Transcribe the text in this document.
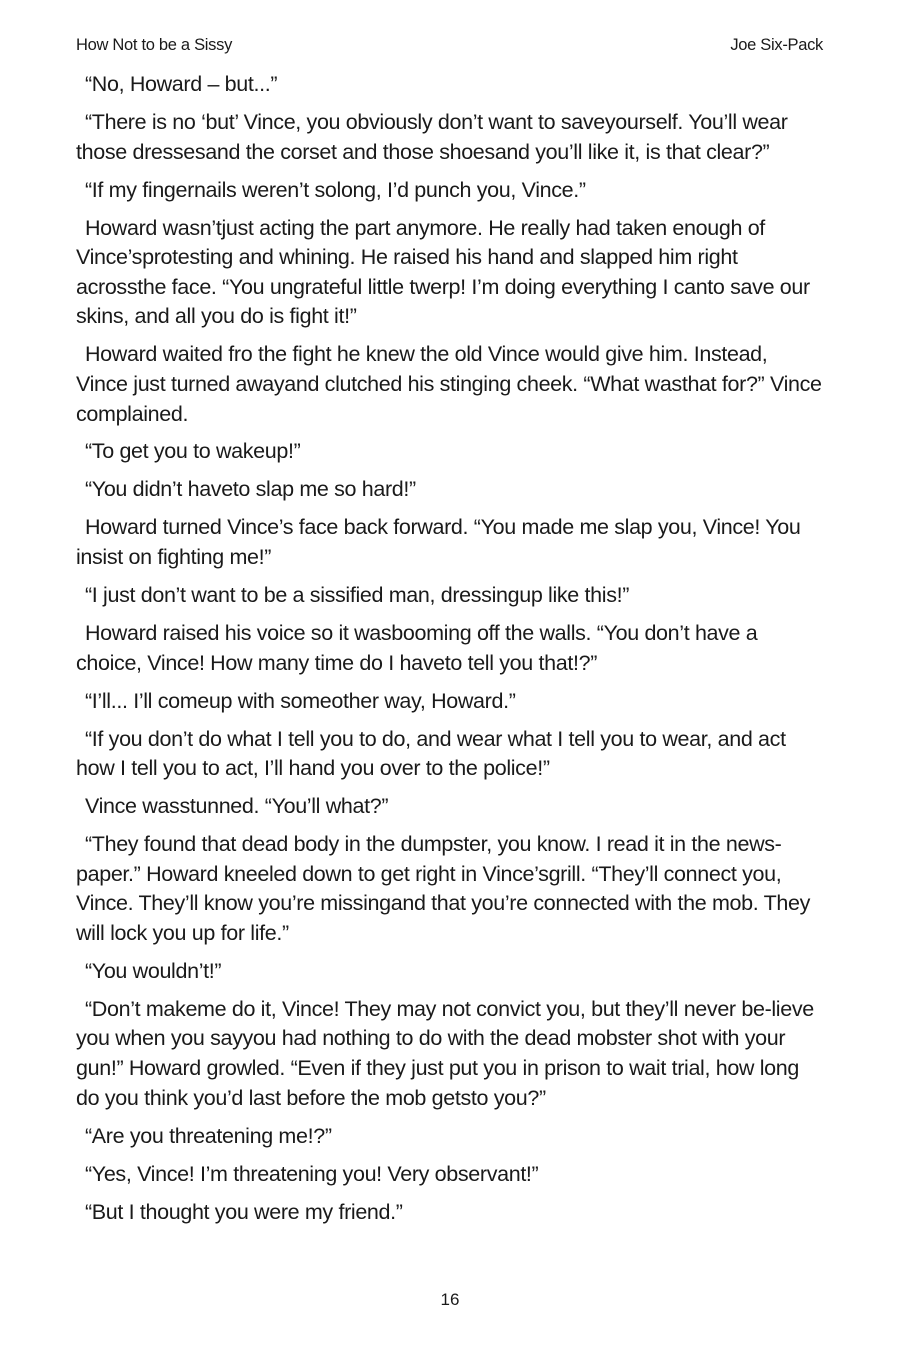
How Not to be a Sissy	Joe Six-Pack

“No, Howard – but...”

“There is no ‘but’ Vince, you obviously don’t want to saveyourself. You’ll wear those dressesand the corset and those shoesand you’ll like it, is that clear?”

“If my fingernails weren’t solong, I’d punch you, Vince.”

Howard wasn’tjust acting the part anymore. He really had taken enough of Vince’sprotesting and whining. He raised his hand and slapped him right acrossthe face. “You ungrateful little twerp! I’m doing everything I canto save our skins, and all you do is fight it!”

Howard waited fro the fight he knew the old Vince would give him. Instead, Vince just turned awayand clutched his stinging cheek. “What wasthat for?” Vince complained.

“To get you to wakeup!”

“You didn’t haveto slap me so hard!”

Howard turned Vince’s face back forward. “You made me slap you, Vince! You insist on fighting me!”

“I just don’t want to be a sissified man, dressingup like this!”

Howard raised his voice so it wasbooming off the walls. “You don’t have a choice, Vince! How many time do I haveto tell you that!?”

“I’ll... I’ll comeup with someother way, Howard.”

“If you don’t do what I tell you to do, and wear what I tell you to wear, and act how I tell you to act, I’ll hand you over to the police!”

Vince wasstunned. “You’ll what?”

“They found that dead body in the dumpster, you know. I read it in the news-paper.” Howard kneeled down to get right in Vince’sgrill. “They’ll connect you, Vince. They’ll know you’re missingand that you’re connected with the mob. They will lock you up for life.”

“You wouldn’t!”

“Don’t makeme do it, Vince! They may not convict you, but they’ll never be-lieve you when you sayyou had nothing to do with the dead mobster shot with your gun!” Howard growled. “Even if they just put you in prison to wait trial, how long do you think you’d last before the mob getsto you?”

“Are you threatening me!?”

“Yes, Vince! I’m threatening you! Very observant!”

“But I thought you were my friend.”

16
